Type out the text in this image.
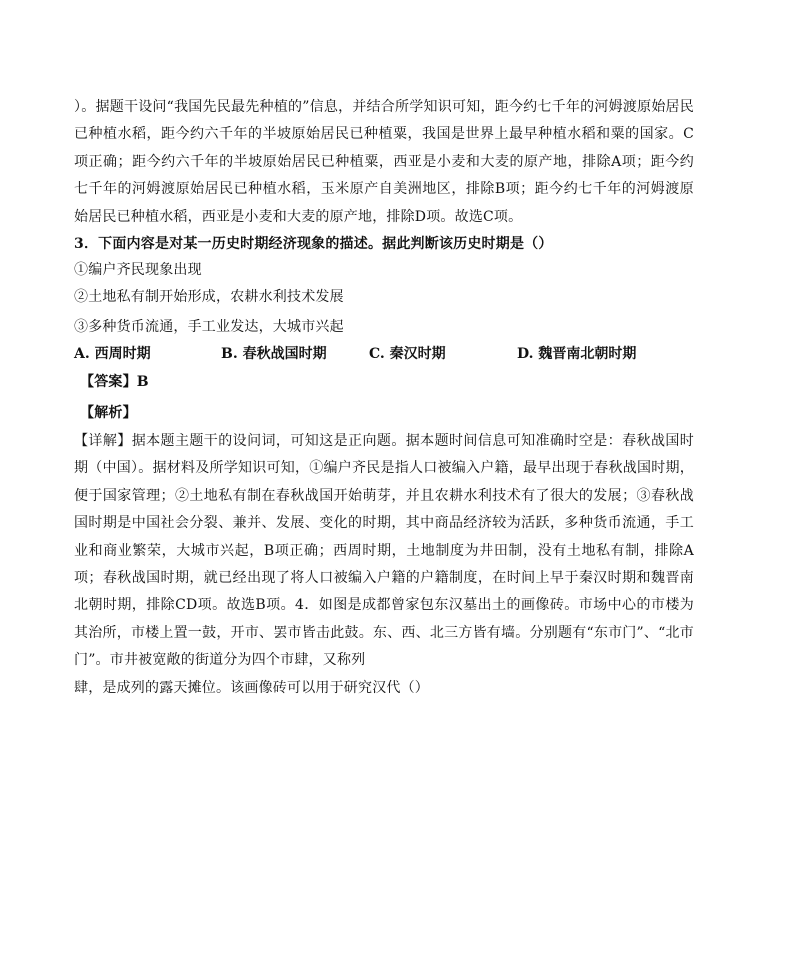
）。据题干设问“我国先民最先种植的”信息，并结合所学知识可知，距今约七千年的河姆渡原始居民已种植水稻，距今约六千年的半坡原始居民已种植粟，我国是世界上最早种植水稻和粟的国家。C项正确；距今约六千年的半坡原始居民已种植粟，西亚是小麦和大麦的原产地，排除A项；距今约七千年的河姆渡原始居民已种植水稻，玉米原产自美洲地区，排除B项；距今约七千年的河姆渡原始居民已种植水稻，西亚是小麦和大麦的原产地，排除D项。故选C项。

3．下面内容是对某一历史时期经济现象的描述。据此判断该历史时期是（）

①编户齐民现象出现

②土地私有制开始形成，农耕水利技术发展

③多种货币流通，手工业发达，大城市兴起

A. 西周时期	B. 春秋战国时期	C. 秦汉时期	D. 魏晋南北朝时期

【答案】B

【解析】

【详解】据本题主题干的设问词，可知这是正向题。据本题时间信息可知准确时空是：春秋战国时期（中国）。据材料及所学知识可知，①编户齐民是指人口被编入户籍，最早出现于春秋战国时期，便于国家管理；②土地私有制在春秋战国开始萌芽，并且农耕水利技术有了很大的发展；③春秋战国时期是中国社会分裂、兼并、发展、变化的时期，其中商品经济较为活跃，多种货币流通，手工业和商业繁荣，大城市兴起，B项正确；西周时期，土地制度为井田制，没有土地私有制，排除A项；春秋战国时期，就已经出现了将人口被编入户籍的户籍制度，在时间上早于秦汉时期和魏晋南北朝时期，排除CD项。故选B项。4．如图是成都曾家包东汉墓出土的画像砖。市场中心的市楼为其治所，市楼上置一鼓，开市、罢市皆击此鼓。东、西、北三方皆有墙。分别题有“东市门”、“北市门”。市井被宽敞的街道分为四个市肆，又称列

肆，是成列的露天摊位。该画像砖可以用于研究汉代（）
